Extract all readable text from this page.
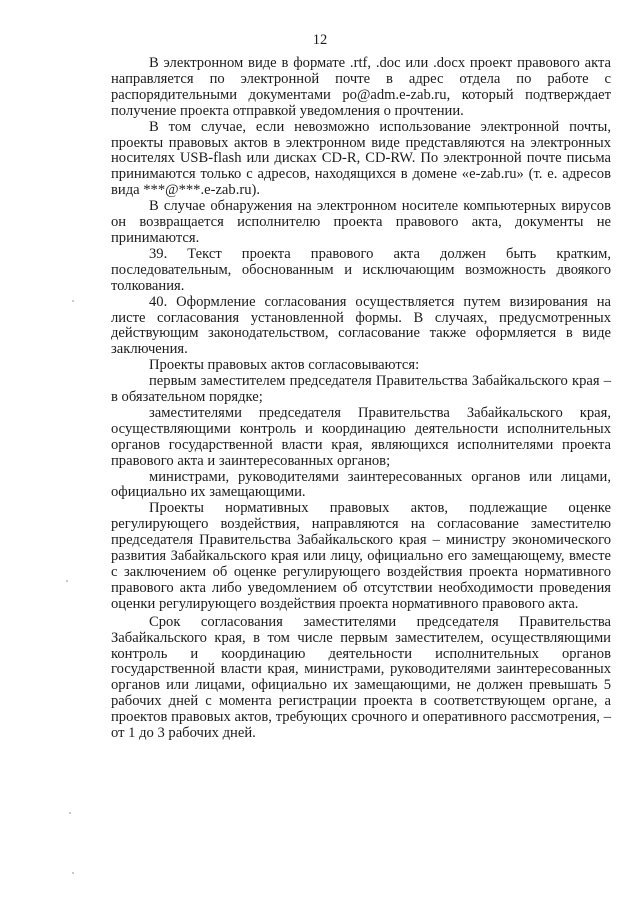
12

В электронном виде в формате .rtf, .doc или .docx проект правового акта направляется по электронной почте в адрес отдела по работе с распорядительными документами po@adm.e-zab.ru, который подтверждает получение проекта отправкой уведомления о прочтении.

В том случае, если невозможно использование электронной почты, проекты правовых актов в электронном виде представляются на электронных носителях USB-flash или дисках CD-R, CD-RW. По электронной почте письма принимаются только с адресов, находящихся в домене «e-zab.ru» (т. е. адресов вида ***@***.e-zab.ru).

В случае обнаружения на электронном носителе компьютерных вирусов он возвращается исполнителю проекта правового акта, документы не принимаются.

39. Текст проекта правового акта должен быть кратким, последовательным, обоснованным и исключающим возможность двоякого толкования.

40. Оформление согласования осуществляется путем визирования на листе согласования установленной формы. В случаях, предусмотренных действующим законодательством, согласование также оформляется в виде заключения.

Проекты правовых актов согласовываются:

первым заместителем председателя Правительства Забайкальского края – в обязательном порядке;

заместителями председателя Правительства Забайкальского края, осуществляющими контроль и координацию деятельности исполнительных органов государственной власти края, являющихся исполнителями проекта правового акта и заинтересованных органов;

министрами, руководителями заинтересованных органов или лицами, официально их замещающими.

Проекты нормативных правовых актов, подлежащие оценке регулирующего воздействия, направляются на согласование заместителю председателя Правительства Забайкальского края – министру экономического развития Забайкальского края или лицу, официально его замещающему, вместе с заключением об оценке регулирующего воздействия проекта нормативного правового акта либо уведомлением об отсутствии необходимости проведения оценки регулирующего воздействия проекта нормативного правового акта.

Срок согласования заместителями председателя Правительства Забайкальского края, в том числе первым заместителем, осуществляющими контроль и координацию деятельности исполнительных органов государственной власти края, министрами, руководителями заинтересованных органов или лицами, официально их замещающими, не должен превышать 5 рабочих дней с момента регистрации проекта в соответствующем органе, а проектов правовых актов, требующих срочного и оперативного рассмотрения, – от 1 до 3 рабочих дней.
